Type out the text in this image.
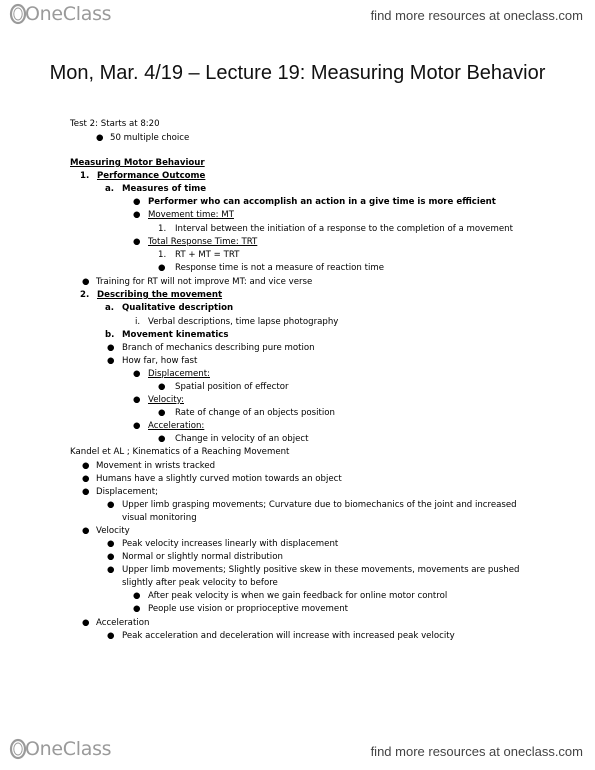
OneClass	find more resources at oneclass.com
Mon, Mar. 4/19 – Lecture 19: Measuring Motor Behavior
Test 2: Starts at 8:20
● 50 multiple choice
Measuring Motor Behaviour
1. Performance Outcome
a. Measures of time
● Performer who can accomplish an action in a give time is more efficient
● Movement time: MT
1. Interval between the initiation of a response to the completion of a movement
● Total Response Time: TRT
1. RT + MT = TRT
● Response time is not a measure of reaction time
● Training for RT will not improve MT: and vice verse
2. Describing the movement
a. Qualitative description
i. Verbal descriptions, time lapse photography
b. Movement kinematics
● Branch of mechanics describing pure motion
● How far, how fast
● Displacement:
● Spatial position of effector
● Velocity:
● Rate of change of an objects position
● Acceleration:
● Change in velocity of an object
Kandel et AL ; Kinematics of a Reaching Movement
● Movement in wrists tracked
● Humans have a slightly curved motion towards an object
● Displacement;
● Upper limb grasping movements; Curvature due to biomechanics of the joint and increased
visual monitoring
● Velocity
● Peak velocity increases linearly with displacement
● Normal or slightly normal distribution
● Upper limb movements; Slightly positive skew in these movements, movements are pushed
slightly after peak velocity to before
● After peak velocity is when we gain feedback for online motor control
● People use vision or proprioceptive movement
● Acceleration
● Peak acceleration and deceleration will increase with increased peak velocity
OneClass	find more resources at oneclass.com
